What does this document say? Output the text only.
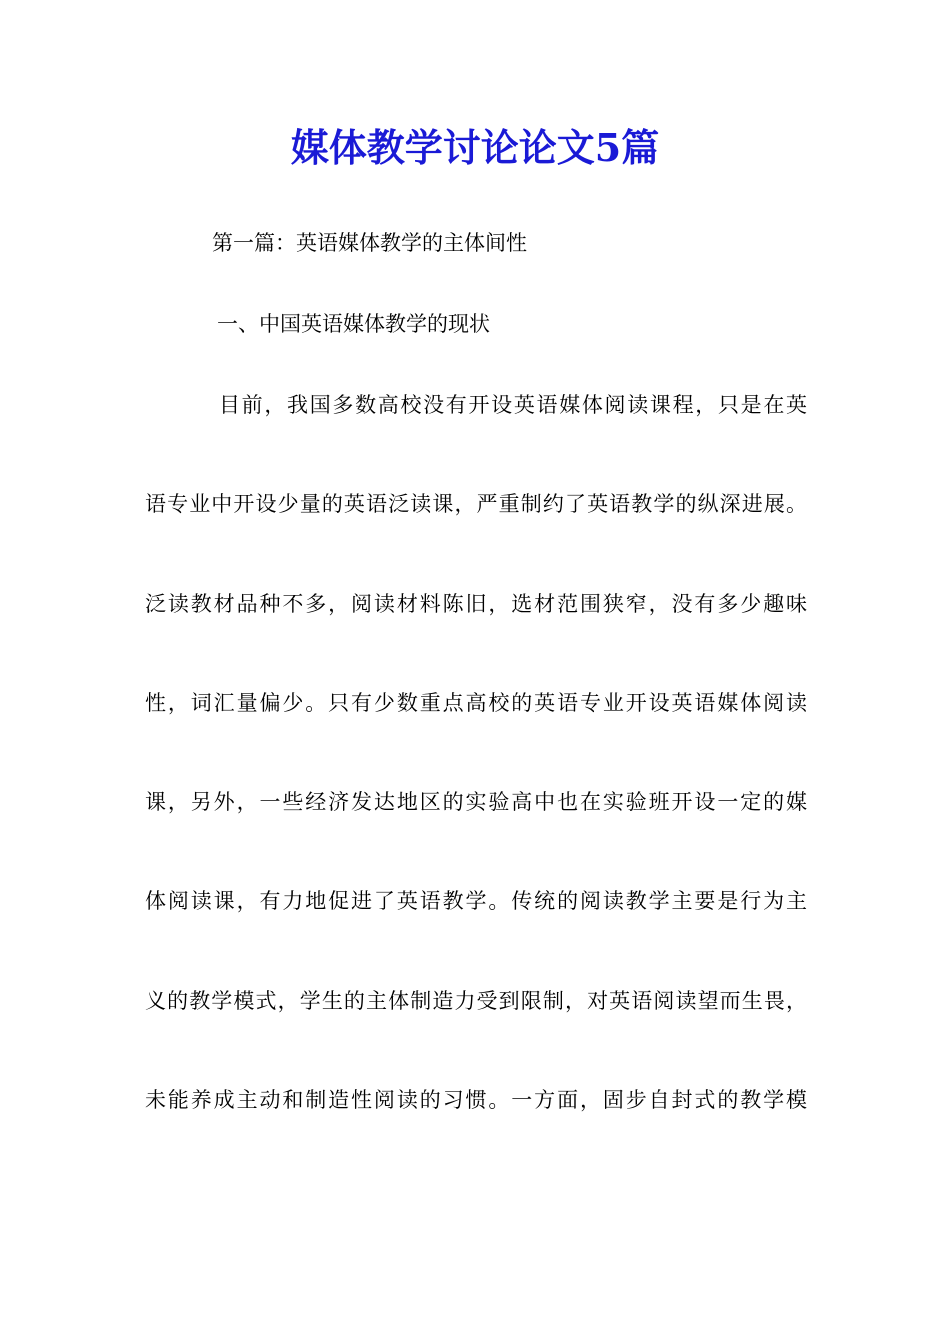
媒体教学讨论论文5篇

第一篇：英语媒体教学的主体间性

一、中国英语媒体教学的现状

目前，我国多数高校没有开设英语媒体阅读课程，只是在英

语专业中开设少量的英语泛读课，严重制约了英语教学的纵深进展。

泛读教材品种不多，阅读材料陈旧，选材范围狭窄，没有多少趣味

性，词汇量偏少。只有少数重点高校的英语专业开设英语媒体阅读

课，另外，一些经济发达地区的实验高中也在实验班开设一定的媒

体阅读课，有力地促进了英语教学。传统的阅读教学主要是行为主

义的教学模式，学生的主体制造力受到限制，对英语阅读望而生畏，

未能养成主动和制造性阅读的习惯。一方面，固步自封式的教学模
